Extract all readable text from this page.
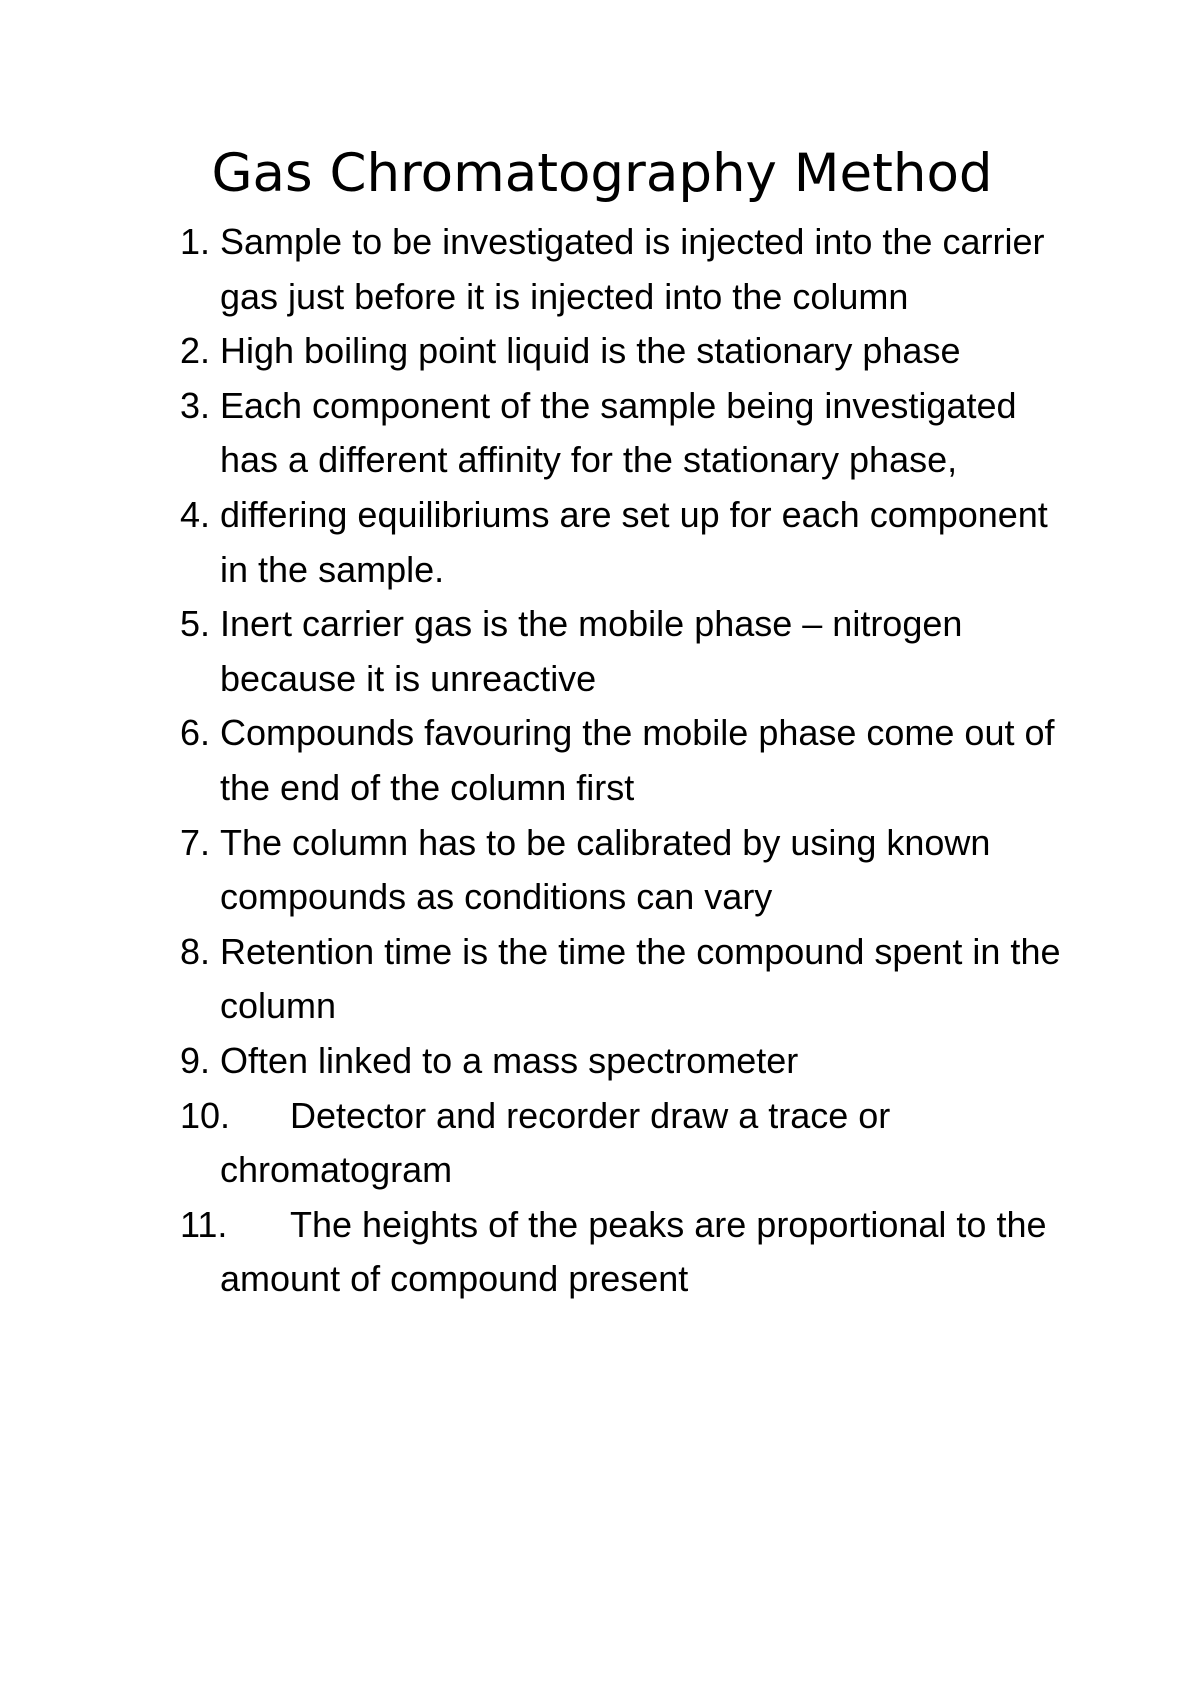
Gas Chromatography Method
1. Sample to be investigated is injected into the carrier gas just before it is injected into the column
2. High boiling point liquid is the stationary phase
3. Each component of the sample being investigated has a different affinity for the stationary phase,
4. differing equilibriums are set up for each component in the sample.
5. Inert carrier gas is the mobile phase – nitrogen because it is unreactive
6. Compounds favouring the mobile phase come out of the end of the column first
7. The column has to be calibrated by using known compounds as conditions can vary
8. Retention time is the time the compound spent in the column
9. Often linked to a mass spectrometer
10.	Detector and recorder draw a trace or chromatogram
11.	The heights of the peaks are proportional to the amount of compound present
